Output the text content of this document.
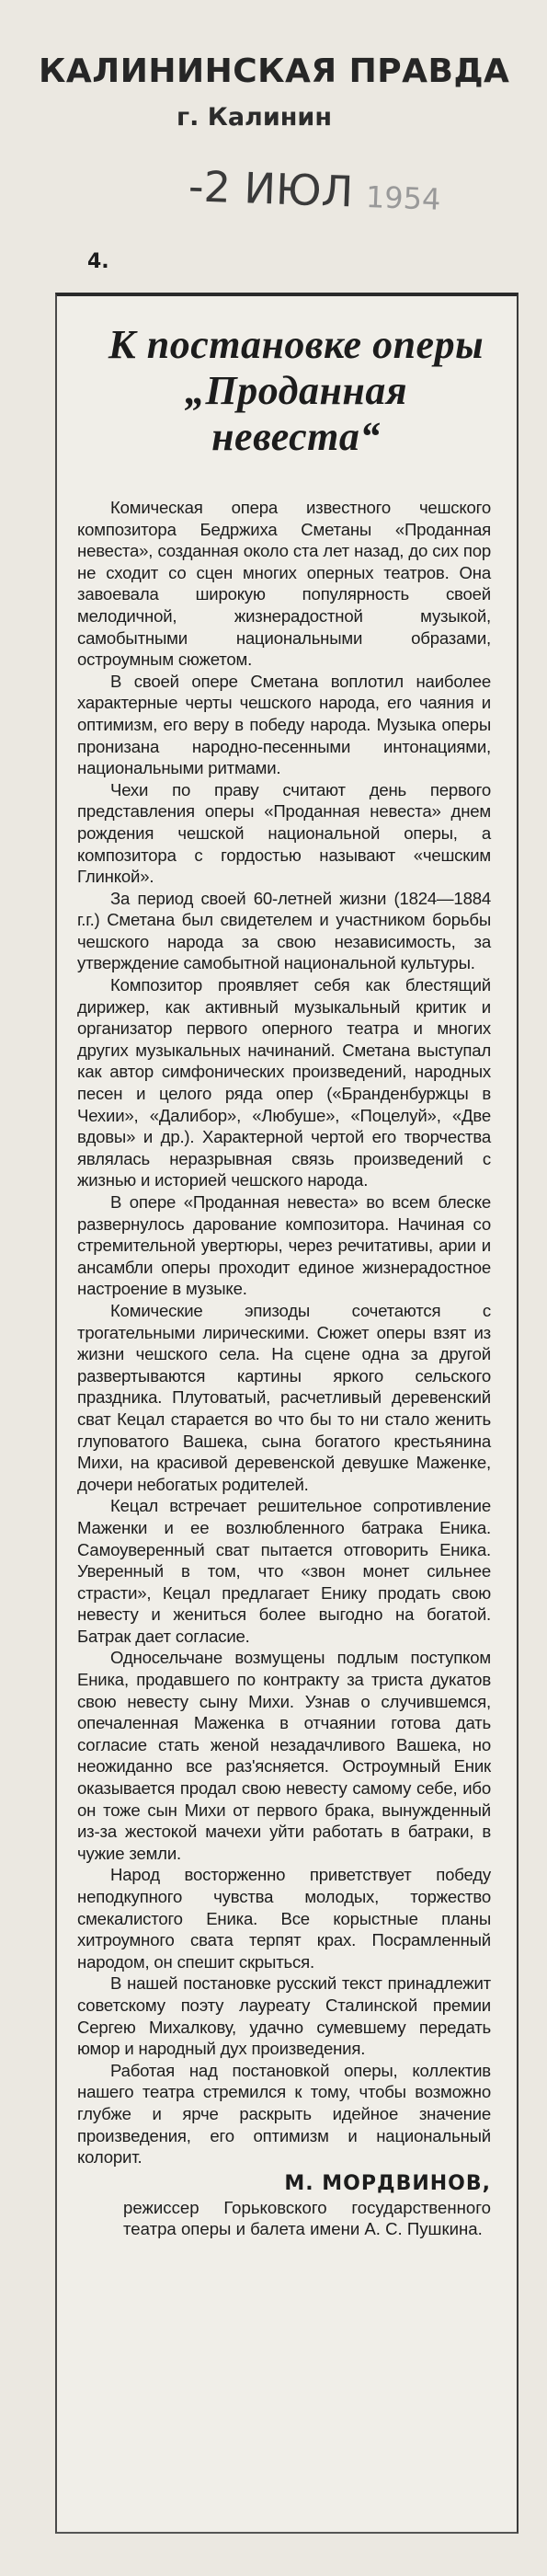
КАЛИНИНСКАЯ ПРАВДА
г. Калинин
-2 ИЮЛ 1954
4.
К постановке оперы
„Проданная
невеста“

Комическая опера известного чешского композитора Бедржиха Сметаны «Проданная невеста», созданная около ста лет назад, до сих пор не сходит со сцен многих оперных театров. Она завоевала широкую популярность своей мелодичной, жизнерадостной музыкой, самобытными национальными образами, остроумным сюжетом.

В своей опере Сметана воплотил наиболее характерные черты чешского народа, его чаяния и оптимизм, его веру в победу народа. Музыка оперы пронизана народно-песенными интонациями, национальными ритмами.

Чехи по праву считают день первого представления оперы «Проданная невеста» днем рождения чешской национальной оперы, а композитора с гордостью называют «чешским Глинкой».

За период своей 60-летней жизни (1824—1884 г.г.) Сметана был свидетелем и участником борьбы чешского народа за свою независимость, за утверждение самобытной национальной культуры.

Композитор проявляет себя как блестящий дирижер, как активный музыкальный критик и организатор первого оперного театра и многих других музыкальных начинаний. Сметана выступал как автор симфонических произведений, народных песен и целого ряда опер («Бранденбуржцы в Чехии», «Далибор», «Любуше», «Поцелуй», «Две вдовы» и др.). Характерной чертой его творчества являлась неразрывная связь произведений с жизнью и историей чешского народа.

В опере «Проданная невеста» во всем блеске развернулось дарование композитора. Начиная со стремительной увертюры, через речитативы, арии и ансамбли оперы проходит единое жизнерадостное настроение в музыке.

Комические эпизоды сочетаются с трогательными лирическими. Сюжет оперы взят из жизни чешского села. На сцене одна за другой развертываются картины яркого сельского праздника. Плутоватый, расчетливый деревенский сват Кецал старается во что бы то ни стало женить глуповатого Вашека, сына богатого крестьянина Михи, на красивой деревенской девушке Маженке, дочери небогатых родителей.

Кецал встречает решительное сопротивление Маженки и ее возлюбленного батрака Еника. Самоуверенный сват пытается отговорить Еника. Уверенный в том, что «звон монет сильнее страсти», Кецал предлагает Енику продать свою невесту и жениться более выгодно на богатой. Батрак дает согласие.

Односельчане возмущены подлым поступком Еника, продавшего по контракту за триста дукатов свою невесту сыну Михи. Узнав о случившемся, опечаленная Маженка в отчаянии готова дать согласие стать женой незадачливого Вашека, но неожиданно все раз'ясняется. Остроумный Еник оказывается продал свою невесту самому себе, ибо он тоже сын Михи от первого брака, вынужденный из-за жестокой мачехи уйти работать в батраки, в чужие земли.

Народ восторженно приветствует победу неподкупного чувства молодых, торжество смекалистого Еника. Все корыстные планы хитроумного свата терпят крах. Посрамленный народом, он спешит скрыться.

В нашей постановке русский текст принадлежит советскому поэту лауреату Сталинской премии Сергею Михалкову, удачно сумевшему передать юмор и народный дух произведения.

Работая над постановкой оперы, коллектив нашего театра стремился к тому, чтобы возможно глубже и ярче раскрыть идейное значение произведения, его оптимизм и национальный колорит.

М. МОРДВИНОВ,
режиссер Горьковского государственного театра оперы и балета имени А. С. Пушкина.
